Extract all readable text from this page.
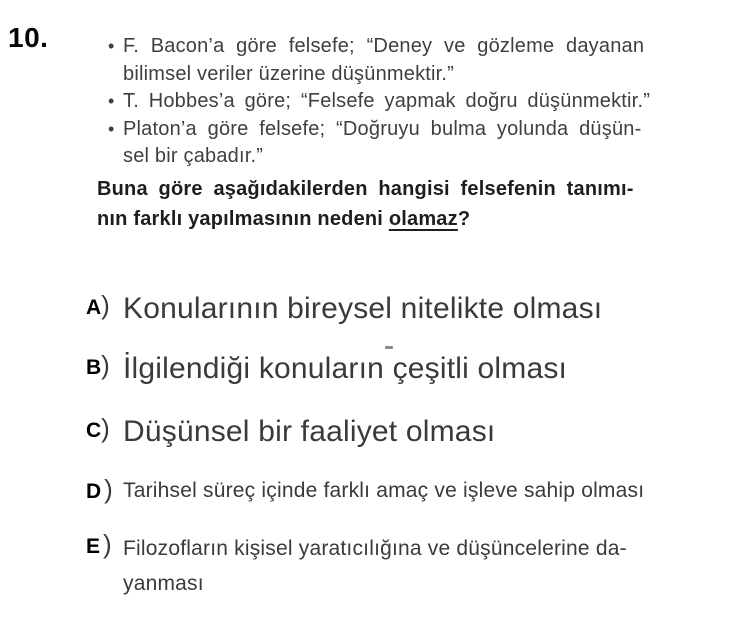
10.	• F. Bacon’a göre felsefe; “Deney ve gözleme dayanan
bilimsel veriler üzerine düşünmektir.”
• T. Hobbes’a göre; “Felsefe yapmak doğru düşünmektir.”
• Platon’a göre felsefe; “Doğruyu bulma yolunda düşün-
sel bir çabadır.”
Buna göre aşağıdakilerden hangisi felsefenin tanımı-
nın farklı yapılmasının nedeni olamaz?
A) Konularının bireysel nitelikte olması
B) İlgilendiği konuların çeşitli olması
C) Düşünsel bir faaliyet olması
D ) Tarihsel süreç içinde farklı amaç ve işleve sahip olması
E ) Filozofların kişisel yaratıcılığına ve düşüncelerine da-
yanması
